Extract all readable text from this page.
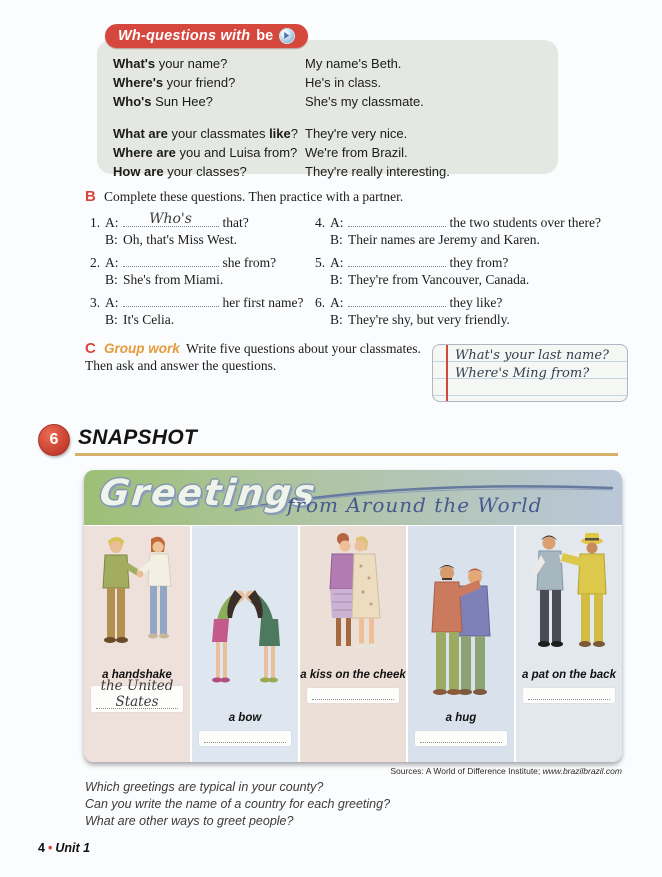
Wh-questions with be
What's your name?	My name's Beth.
Where's your friend?	He's in class.
Who's Sun Hee?	She's my classmate.
What are your classmates like? They're very nice.
Where are you and Luisa from? We're from Brazil.
How are your classes?	They're really interesting.
B Complete these questions. Then practice with a partner.
1. A:	Who's	that?
B: Oh, that's Miss West.
2. A:	she from?
B: She's from Miami.
3. A:	her first name?
B: It's Celia.
4. A:	the two students over there?
B: Their names are Jeremy and Karen.
5. A:	they from?
B: They're from Vancouver, Canada.
6. A:	they like?
B: They're shy, but very friendly.
C Group work Write five questions about your classmates.
Then ask and answer the questions.
What's your last name?
Where's Ming from?
6 SNAPSHOT
Greetings
from Around the World
a handshake
the United States
a bow
a kiss on the cheek
a hug
a pat on the back
Sources: A World of Difference Institute; www.brazilbrazil.com
Which greetings are typical in your county?
Can you write the name of a country for each greeting?
What are other ways to greet people?
4 • Unit 1
